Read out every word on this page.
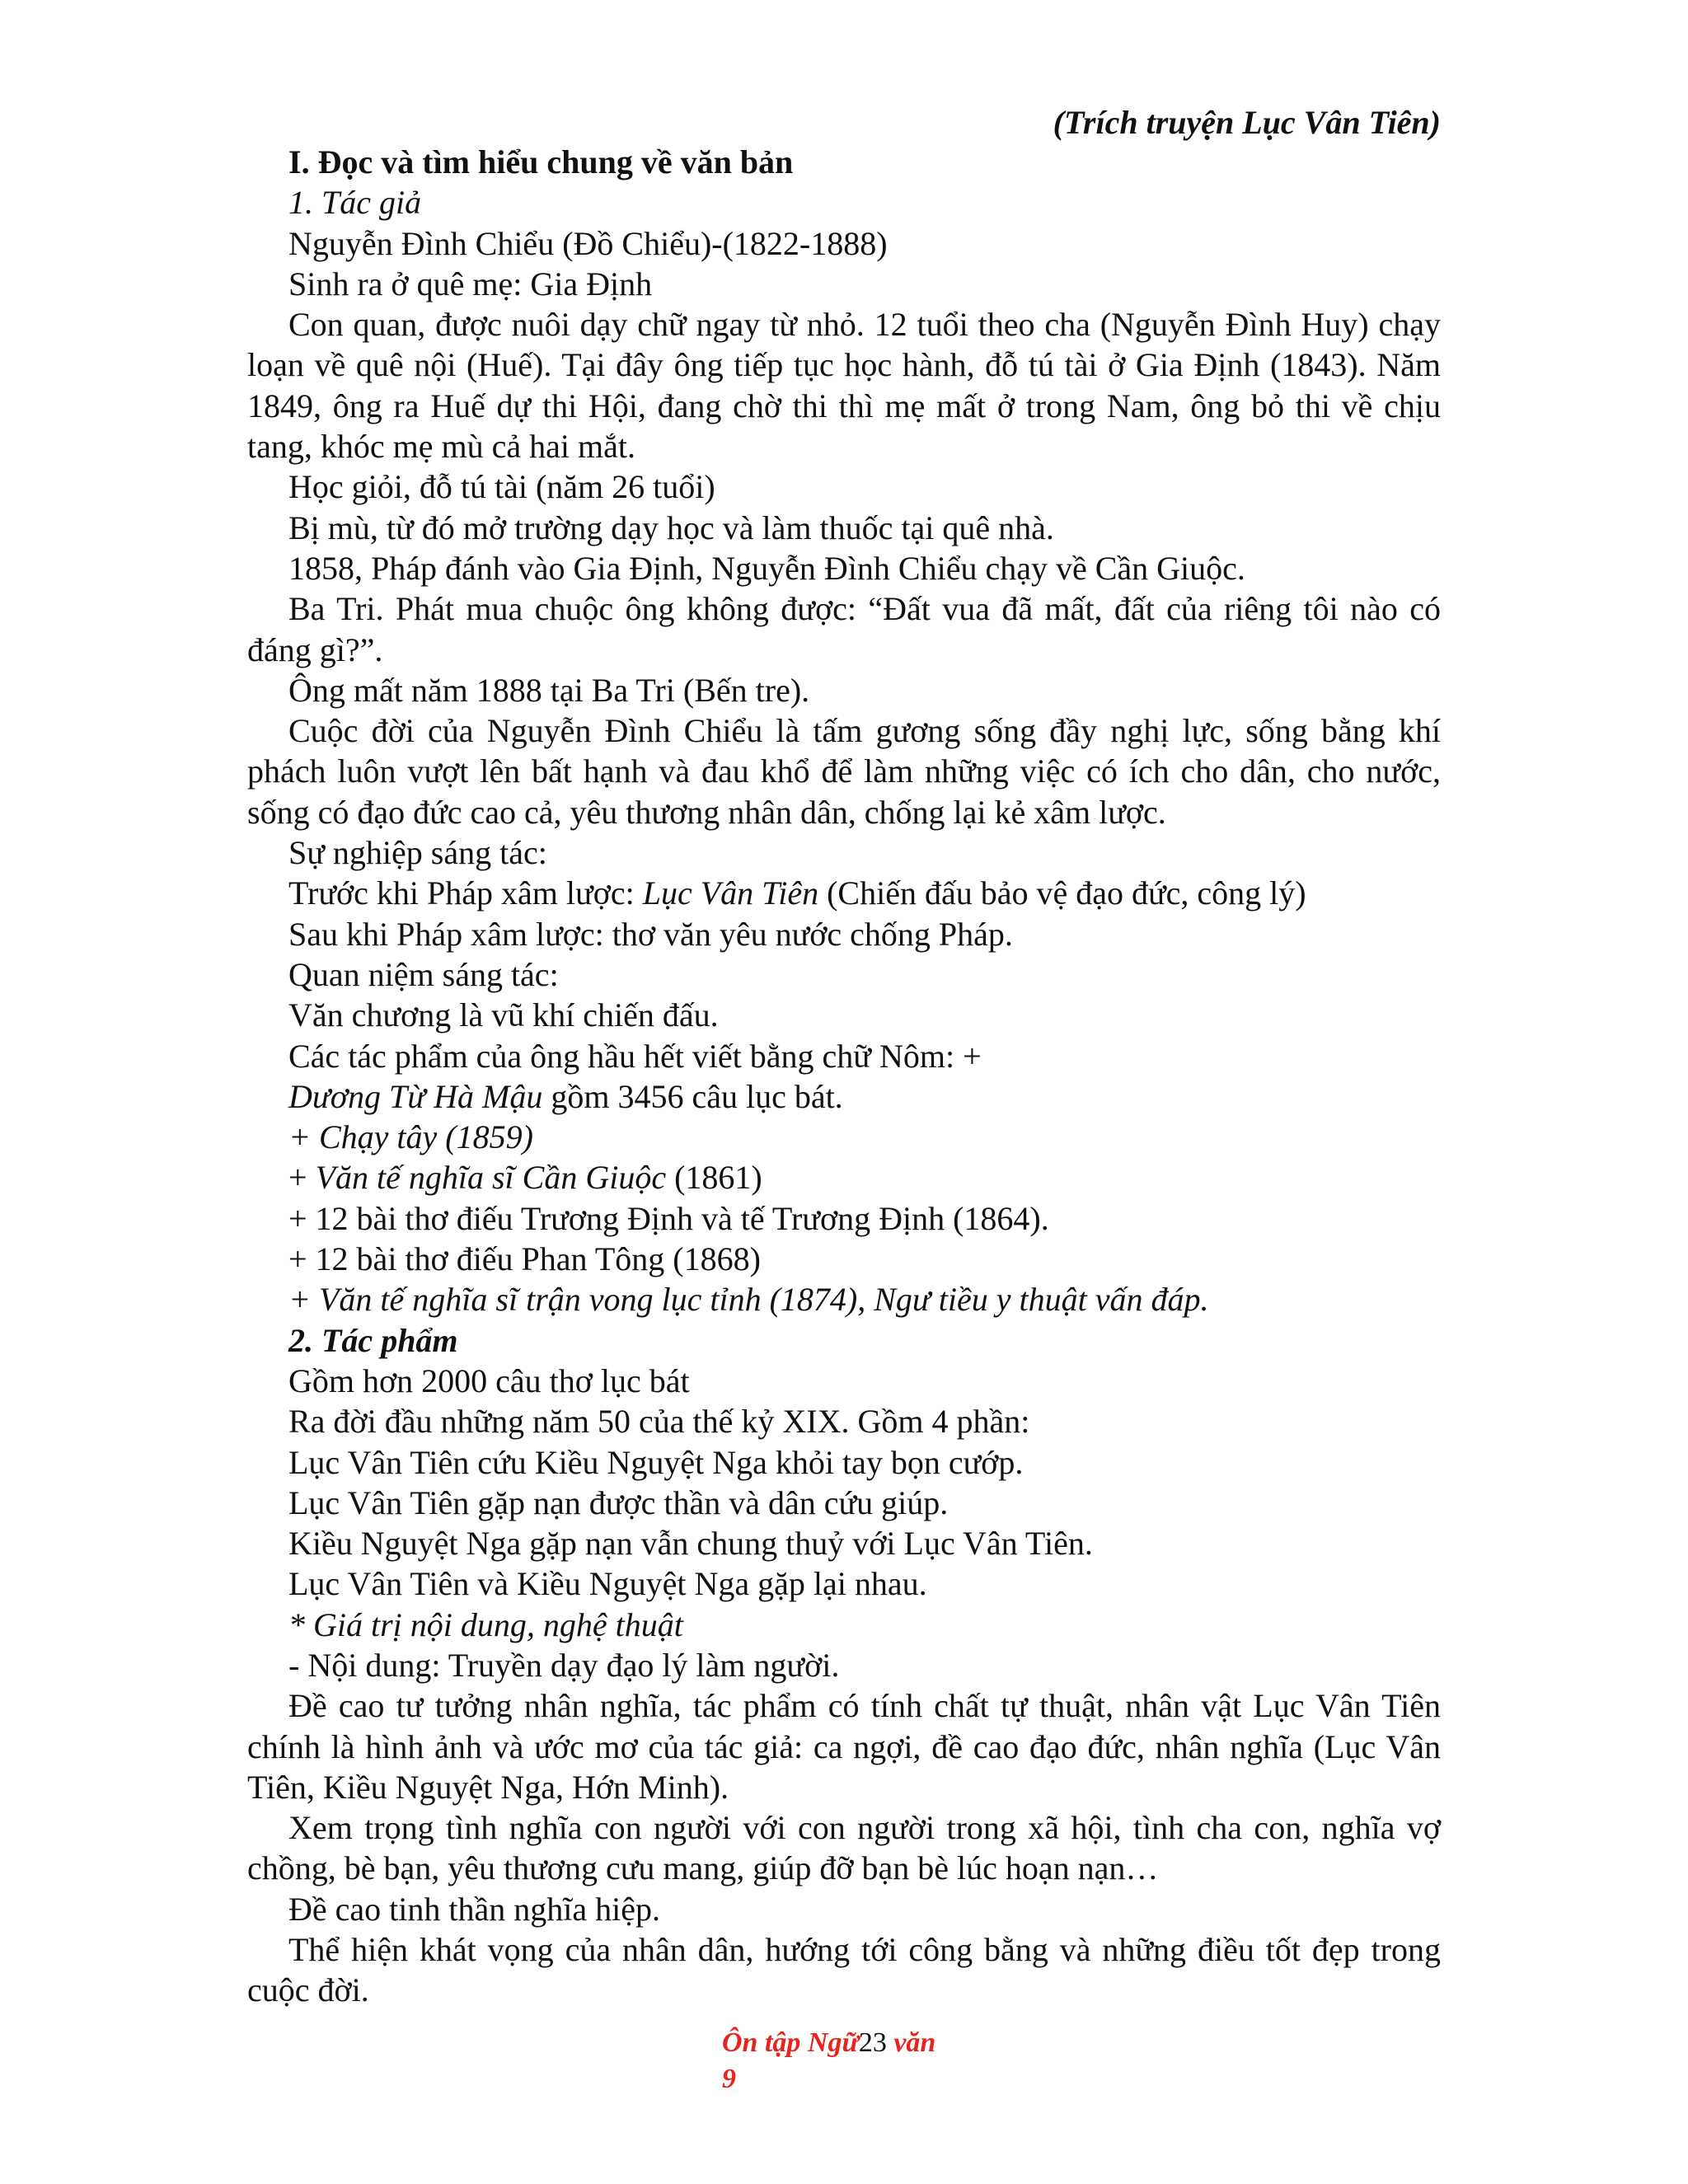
(Trích truyện Lục Vân Tiên)

I. Đọc và tìm hiểu chung về văn bản

1. Tác giả

Nguyễn Đình Chiểu (Đồ Chiểu)-(1822-1888)

Sinh ra ở quê mẹ: Gia Định

Con quan, được nuôi dạy chữ ngay từ nhỏ. 12 tuổi theo cha (Nguyễn Đình Huy) chạy loạn về quê nội (Huế). Tại đây ông tiếp tục học hành, đỗ tú tài ở Gia Định (1843). Năm 1849, ông ra Huế dự thi Hội, đang chờ thi thì mẹ mất ở trong Nam, ông bỏ thi về chịu tang, khóc mẹ mù cả hai mắt.

Học giỏi, đỗ tú tài (năm 26 tuổi)

Bị mù, từ đó mở trường dạy học và làm thuốc tại quê nhà.

1858, Pháp đánh vào Gia Định, Nguyễn Đình Chiểu chạy về Cần Giuộc.

Ba Tri. Phát mua chuộc ông không được: “Đất vua đã mất, đất của riêng tôi nào có đáng gì?”.

Ông mất năm 1888 tại Ba Tri (Bến tre).

Cuộc đời của Nguyễn Đình Chiểu là tấm gương sống đầy nghị lực, sống bằng khí phách luôn vượt lên bất hạnh và đau khổ để làm những việc có ích cho dân, cho nước, sống có đạo đức cao cả, yêu thương nhân dân, chống lại kẻ xâm lược.

Sự nghiệp sáng tác:

Trước khi Pháp xâm lược: Lục Vân Tiên (Chiến đấu bảo vệ đạo đức, công lý)

Sau khi Pháp xâm lược: thơ văn yêu nước chống Pháp.

Quan niệm sáng tác:

Văn chương là vũ khí chiến đấu.

Các tác phẩm của ông hầu hết viết bằng chữ Nôm: +

Dương Từ Hà Mậu gồm 3456 câu lục bát.

+ Chạy tây (1859)

+ Văn tế nghĩa sĩ Cần Giuộc (1861)

+ 12 bài thơ điếu Trương Định và tế Trương Định (1864).

+ 12 bài thơ điếu Phan Tông (1868)

+ Văn tế nghĩa sĩ trận vong lục tỉnh (1874), Ngư tiều y thuật vấn đáp.

2. Tác phẩm

Gồm hơn 2000 câu thơ lục bát

Ra đời đầu những năm 50 của thế kỷ XIX. Gồm 4 phần:

Lục Vân Tiên cứu Kiều Nguyệt Nga khỏi tay bọn cướp.

Lục Vân Tiên gặp nạn được thần và dân cứu giúp.

Kiều Nguyệt Nga gặp nạn vẫn chung thuỷ với Lục Vân Tiên.

Lục Vân Tiên và Kiều Nguyệt Nga gặp lại nhau.

* Giá trị nội dung, nghệ thuật

- Nội dung: Truyền dạy đạo lý làm người.

Đề cao tư tưởng nhân nghĩa, tác phẩm có tính chất tự thuật, nhân vật Lục Vân Tiên chính là hình ảnh và ước mơ của tác giả: ca ngợi, đề cao đạo đức, nhân nghĩa (Lục Vân Tiên, Kiều Nguyệt Nga, Hớn Minh).

Xem trọng tình nghĩa con người với con người trong xã hội, tình cha con, nghĩa vợ chồng, bè bạn, yêu thương cưu mang, giúp đỡ bạn bè lúc hoạn nạn…

Đề cao tinh thần nghĩa hiệp.

Thể hiện khát vọng của nhân dân, hướng tới công bằng và những điều tốt đẹp trong cuộc đời.

Ôn tập Ngữ23 văn
9
